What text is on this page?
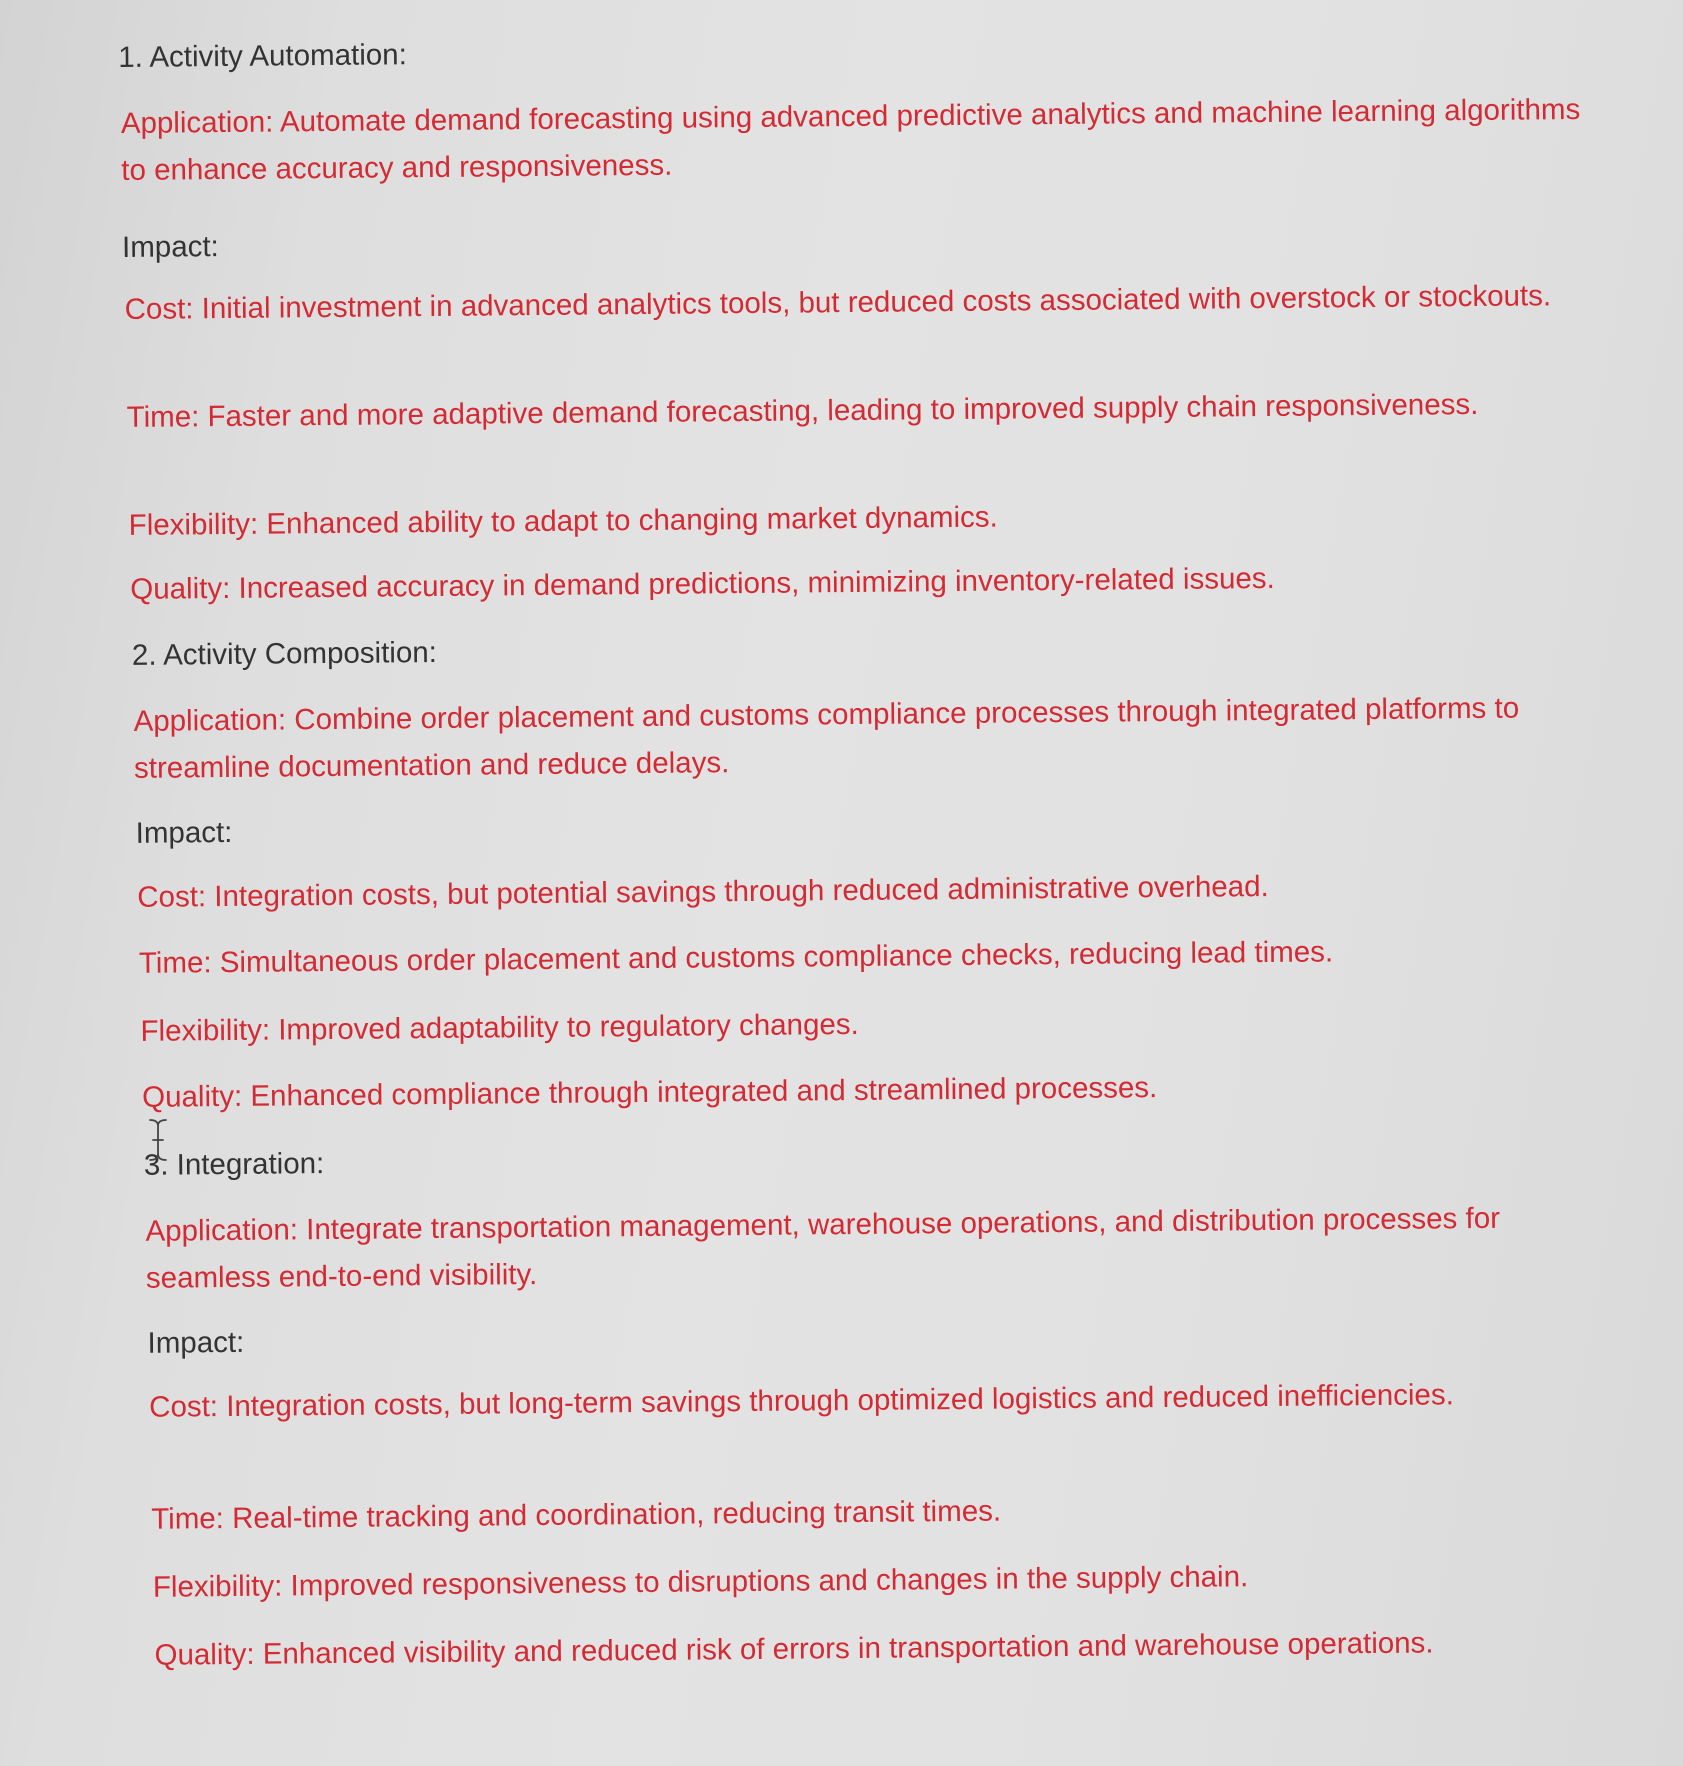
1. Activity Automation:

Application: Automate demand forecasting using advanced predictive analytics and machine learning algorithms to enhance accuracy and responsiveness.

Impact:

Cost: Initial investment in advanced analytics tools, but reduced costs associated with overstock or stockouts.

Time: Faster and more adaptive demand forecasting, leading to improved supply chain responsiveness.

Flexibility: Enhanced ability to adapt to changing market dynamics.

Quality: Increased accuracy in demand predictions, minimizing inventory-related issues.

2. Activity Composition:

Application: Combine order placement and customs compliance processes through integrated platforms to streamline documentation and reduce delays.

Impact:

Cost: Integration costs, but potential savings through reduced administrative overhead.

Time: Simultaneous order placement and customs compliance checks, reducing lead times.

Flexibility: Improved adaptability to regulatory changes.

Quality: Enhanced compliance through integrated and streamlined processes.

3. Integration:

Application: Integrate transportation management, warehouse operations, and distribution processes for seamless end-to-end visibility.

Impact:

Cost: Integration costs, but long-term savings through optimized logistics and reduced inefficiencies.

Time: Real-time tracking and coordination, reducing transit times.

Flexibility: Improved responsiveness to disruptions and changes in the supply chain.

Quality: Enhanced visibility and reduced risk of errors in transportation and warehouse operations.
